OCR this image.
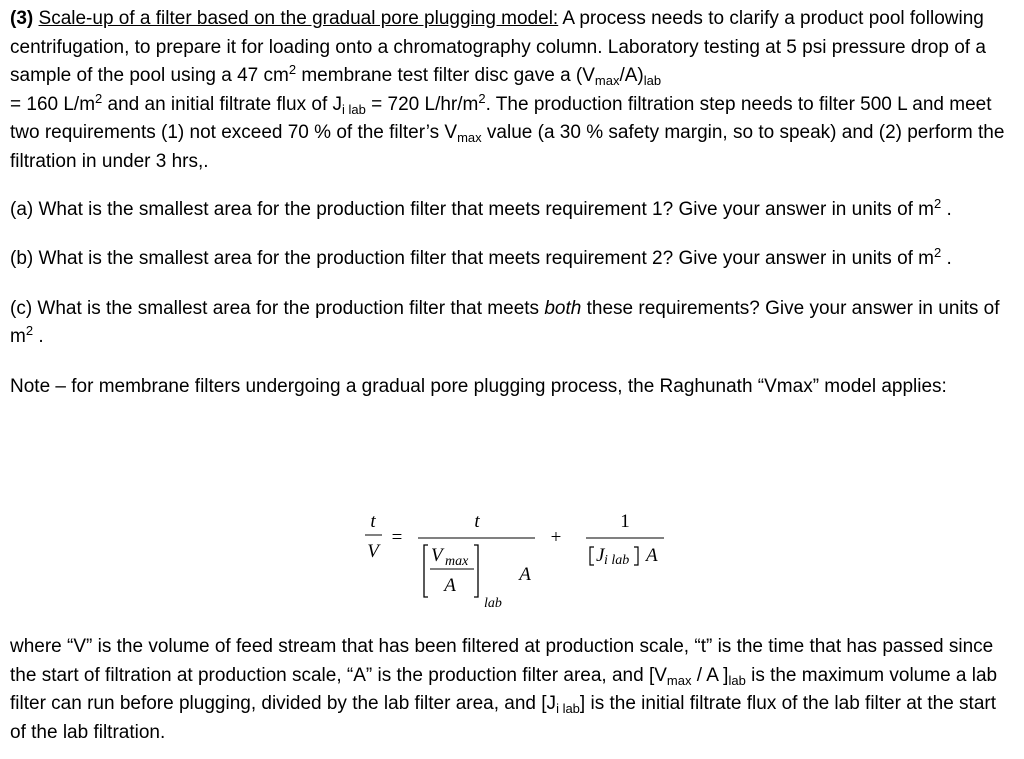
(3) Scale-up of a filter based on the gradual pore plugging model: A process needs to clarify a product pool following centrifugation, to prepare it for loading onto a chromatography column. Laboratory testing at 5 psi pressure drop of a sample of the pool using a 47 $cm^2$ membrane test filter disc gave a $(V_{max}/A)_{lab}$
= 160 $L/m^2$ and an initial filtrate flux of $J_{i lab} = 720$ $L/hr/m^2$. The production filtration step needs to filter 500 L and meet two requirements (1) not exceed 70 % of the filter’s $V_{max}$ value (a 30 % safety margin, so to speak) and (2) perform the filtration in under 3 hrs,.

(a) What is the smallest area for the production filter that meets requirement 1? Give your answer in units of $m^2$ .

(b) What is the smallest area for the production filter that meets requirement 2? Give your answer in units of $m^2$ .

(c) What is the smallest area for the production filter that meets both these requirements? Give your answer in units of $m^2$ .

Note – for membrane filters undergoing a gradual pore plugging process, the Raghunath “Vmax” model applies:

t
V
=
t
V max
A
lab
A
+
1
J i lab A

where “V” is the volume of feed stream that has been filtered at production scale, “t” is the time that has passed since the start of filtration at production scale, “A” is the production filter area, and [$V_{max}$ / A ]$_{lab}$ is the maximum volume a lab filter can run before plugging, divided by the lab filter area, and $[J_{i lab}]$ is the initial filtrate flux of the lab filter at the start of the lab filtration.
